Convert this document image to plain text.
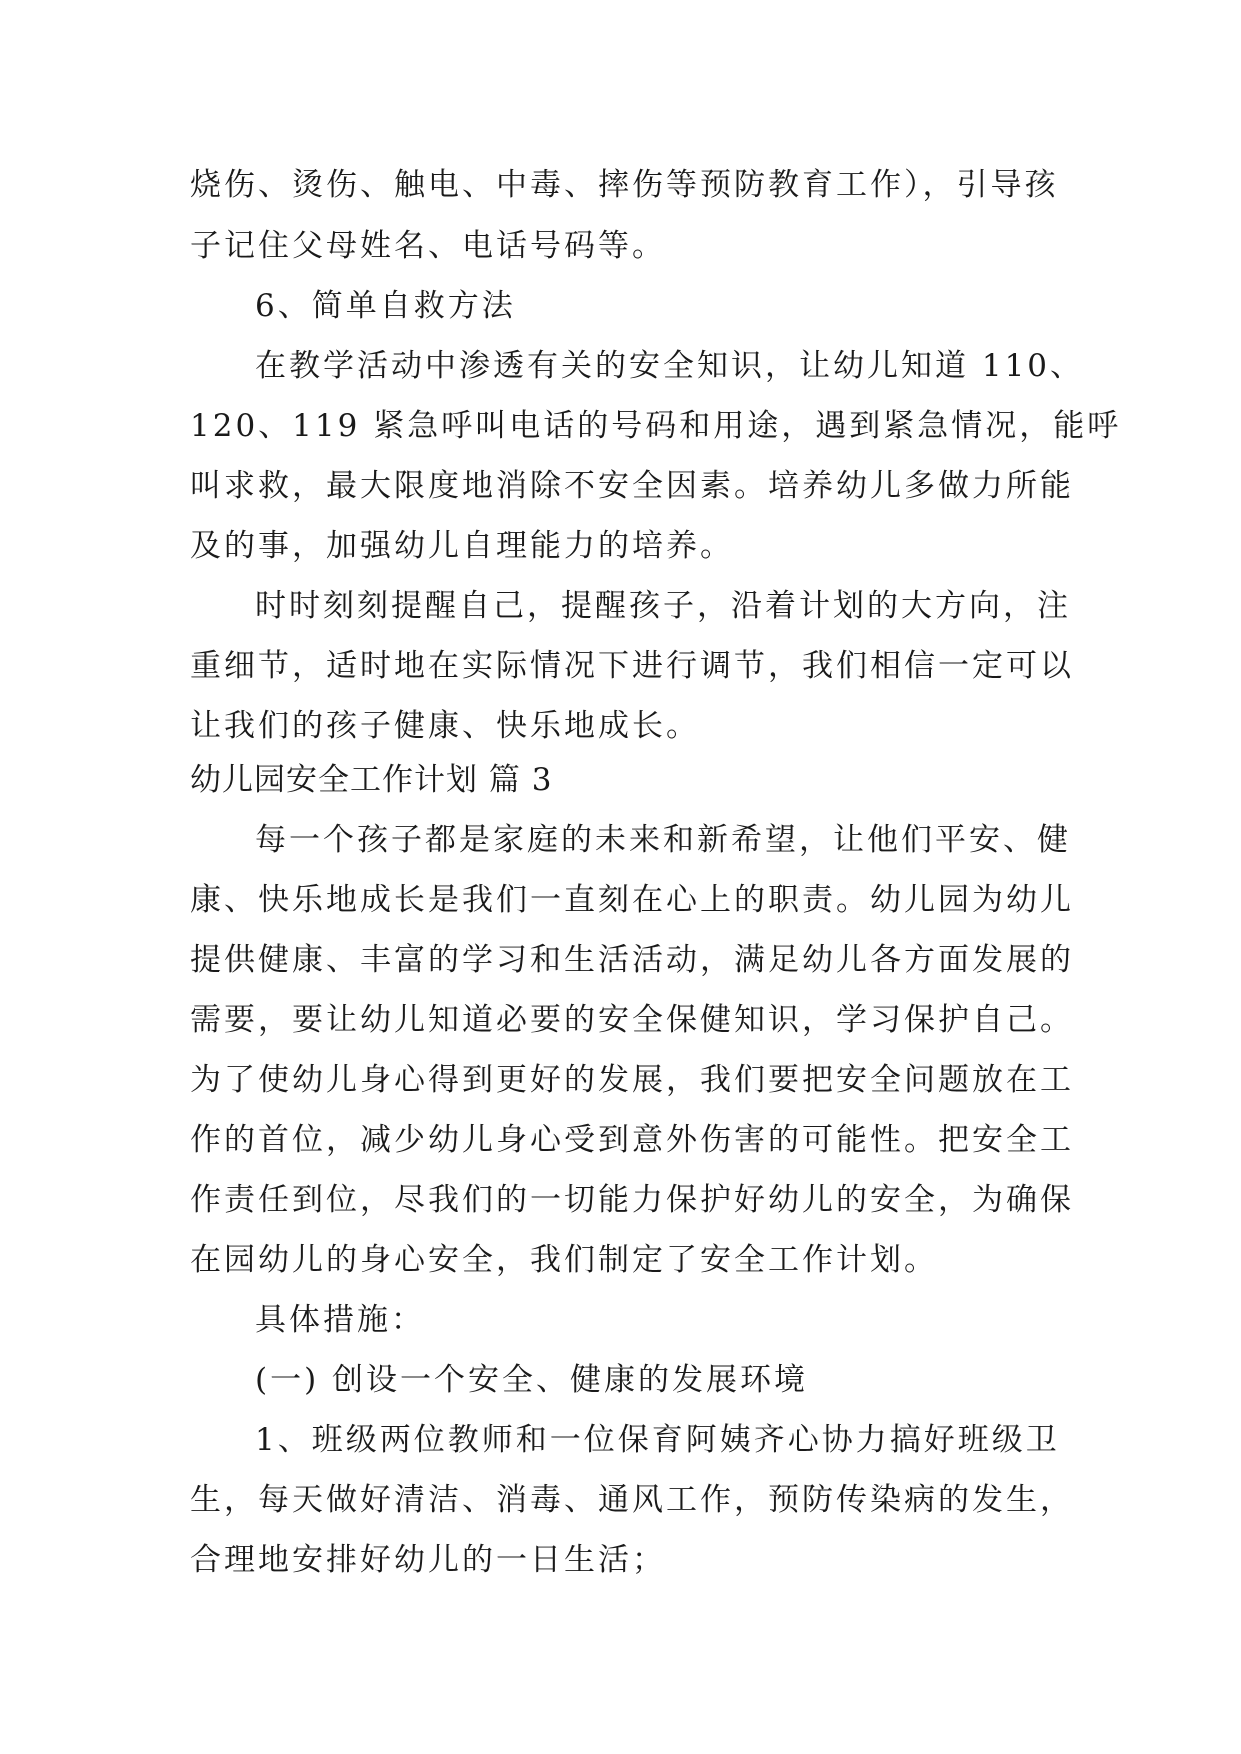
烧伤、烫伤、触电、中毒、摔伤等预防教育工作），引导孩
子记住父母姓名、电话号码等。
6、简单自救方法
在教学活动中渗透有关的安全知识，让幼儿知道 110、
120、119 紧急呼叫电话的号码和用途，遇到紧急情况，能呼
叫求救，最大限度地消除不安全因素。培养幼儿多做力所能
及的事，加强幼儿自理能力的培养。
时时刻刻提醒自己，提醒孩子，沿着计划的大方向，注
重细节，适时地在实际情况下进行调节，我们相信一定可以
让我们的孩子健康、快乐地成长。
幼儿园安全工作计划 篇 3
每一个孩子都是家庭的未来和新希望，让他们平安、健
康、快乐地成长是我们一直刻在心上的职责。幼儿园为幼儿
提供健康、丰富的学习和生活活动，满足幼儿各方面发展的
需要，要让幼儿知道必要的安全保健知识，学习保护自己。
为了使幼儿身心得到更好的发展，我们要把安全问题放在工
作的首位，减少幼儿身心受到意外伤害的可能性。把安全工
作责任到位，尽我们的一切能力保护好幼儿的安全，为确保
在园幼儿的身心安全，我们制定了安全工作计划。
具体措施：
(一) 创设一个安全、健康的发展环境
1、班级两位教师和一位保育阿姨齐心协力搞好班级卫
生，每天做好清洁、消毒、通风工作，预防传染病的发生，
合理地安排好幼儿的一日生活；
